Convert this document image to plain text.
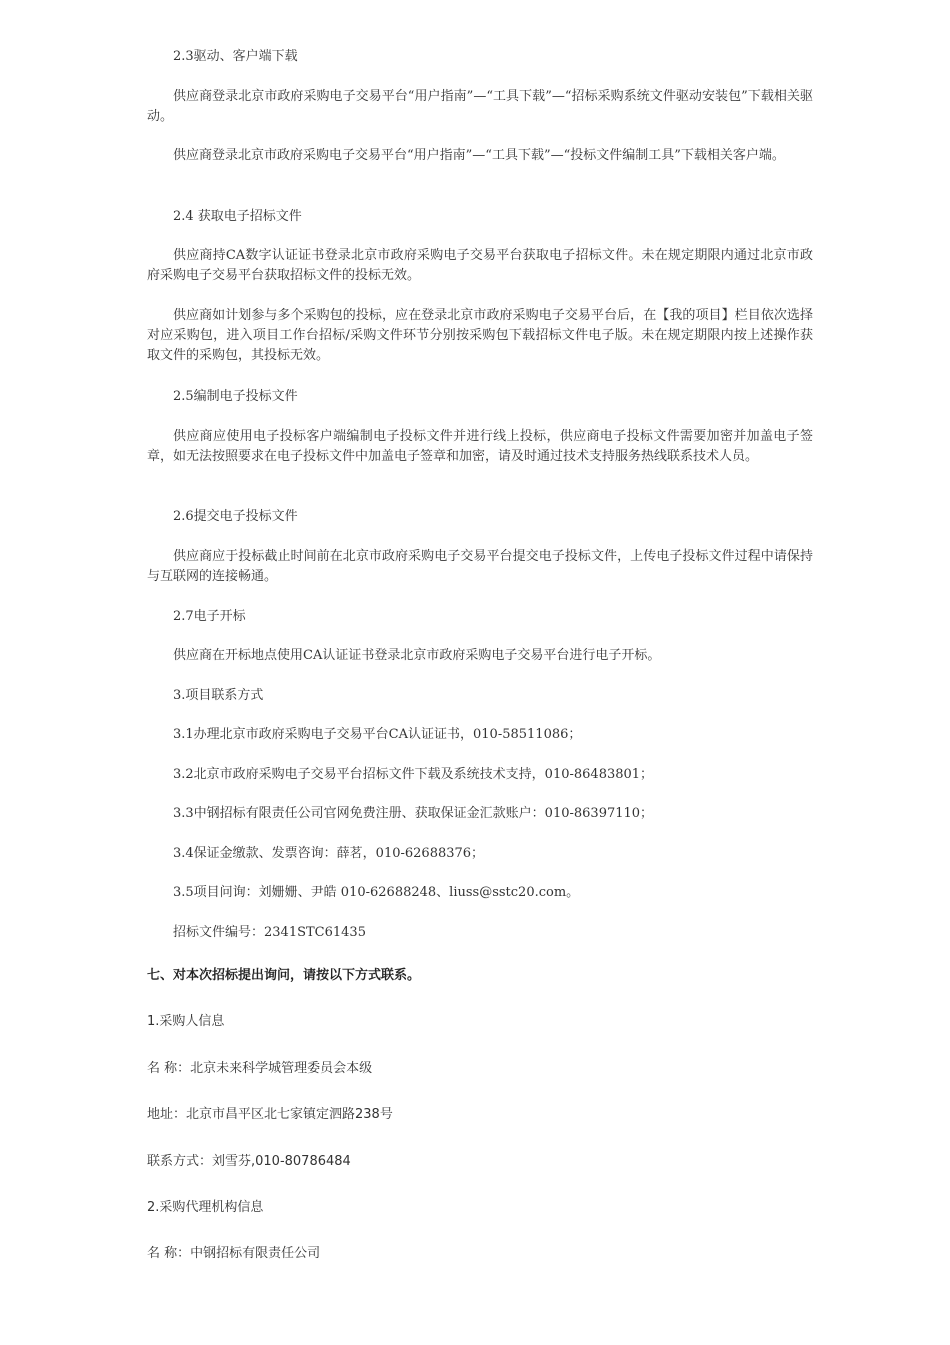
2.3驱动、客户端下载
供应商登录北京市政府采购电子交易平台“用户指南”—“工具下载”—“招标采购系统文件驱动安装包”下载相关驱动。
供应商登录北京市政府采购电子交易平台“用户指南”—“工具下载”—“投标文件编制工具”下载相关客户端。
2.4 获取电子招标文件
供应商持CA数字认证证书登录北京市政府采购电子交易平台获取电子招标文件。未在规定期限内通过北京市政府采购电子交易平台获取招标文件的投标无效。
供应商如计划参与多个采购包的投标，应在登录北京市政府采购电子交易平台后，在【我的项目】栏目依次选择对应采购包，进入项目工作台招标/采购文件环节分别按采购包下载招标文件电子版。未在规定期限内按上述操作获取文件的采购包，其投标无效。
2.5编制电子投标文件
供应商应使用电子投标客户端编制电子投标文件并进行线上投标，供应商电子投标文件需要加密并加盖电子签章，如无法按照要求在电子投标文件中加盖电子签章和加密，请及时通过技术支持服务热线联系技术人员。
2.6提交电子投标文件
供应商应于投标截止时间前在北京市政府采购电子交易平台提交电子投标文件，上传电子投标文件过程中请保持与互联网的连接畅通。
2.7电子开标
供应商在开标地点使用CA认证证书登录北京市政府采购电子交易平台进行电子开标。
3.项目联系方式
3.1办理北京市政府采购电子交易平台CA认证证书，010-58511086；
3.2北京市政府采购电子交易平台招标文件下载及系统技术支持，010-86483801；
3.3中钢招标有限责任公司官网免费注册、获取保证金汇款账户：010-86397110；
3.4保证金缴款、发票咨询：薛茗，010-62688376；
3.5项目问询：刘姗姗、尹皓 010-62688248、liuss@sstc20.com。
招标文件编号：2341STC61435
七、对本次招标提出询问，请按以下方式联系。
1.采购人信息
名 称：北京未来科学城管理委员会本级
地址：北京市昌平区北七家镇定泗路238号
联系方式：刘雪芬,010-80786484
2.采购代理机构信息
名 称：中钢招标有限责任公司
